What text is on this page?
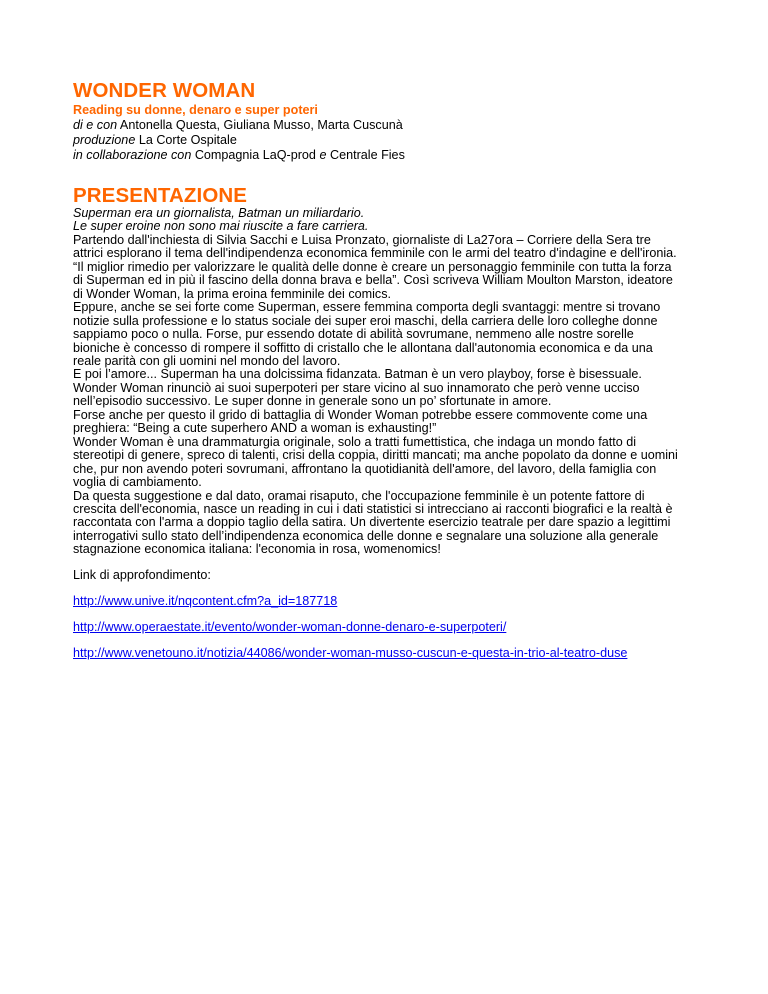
WONDER WOMAN
Reading su donne, denaro e super poteri
di e con Antonella Questa, Giuliana Musso, Marta Cuscunà
produzione La Corte Ospitale
in collaborazione con Compagnia LaQ-prod e Centrale Fies
PRESENTAZIONE
Superman era un giornalista, Batman un miliardario.
Le super eroine non sono mai riuscite a fare carriera.
Partendo dall'inchiesta di Silvia Sacchi e Luisa Pronzato, giornaliste di La27ora – Corriere della Sera tre
attrici esplorano il tema dell'indipendenza economica femminile con le armi del teatro d'indagine e dell'ironia.
“Il miglior rimedio per valorizzare le qualità delle donne è creare un personaggio femminile con tutta la forza
di Superman ed in più il fascino della donna brava e bella”. Così scriveva William Moulton Marston, ideatore
di Wonder Woman, la prima eroina femminile dei comics.
Eppure, anche se sei forte come Superman, essere femmina comporta degli svantaggi: mentre si trovano
notizie sulla professione e lo status sociale dei super eroi maschi, della carriera delle loro colleghe donne
sappiamo poco o nulla. Forse, pur essendo dotate di abilità sovrumane, nemmeno alle nostre sorelle
bioniche è concesso di rompere il soffitto di cristallo che le allontana dall'autonomia economica e da una
reale parità con gli uomini nel mondo del lavoro.
E poi l’amore... Superman ha una dolcissima fidanzata. Batman è un vero playboy, forse è bisessuale.
Wonder Woman rinunciò ai suoi superpoteri per stare vicino al suo innamorato che però venne ucciso
nell’episodio successivo. Le super donne in generale sono un po’ sfortunate in amore.
Forse anche per questo il grido di battaglia di Wonder Woman potrebbe essere commovente come una
preghiera: “Being a cute superhero AND a woman is exhausting!”
Wonder Woman è una drammaturgia originale, solo a tratti fumettistica, che indaga un mondo fatto di
stereotipi di genere, spreco di talenti, crisi della coppia, diritti mancati; ma anche popolato da donne e uomini
che, pur non avendo poteri sovrumani, affrontano la quotidianità dell'amore, del lavoro, della famiglia con
voglia di cambiamento.
Da questa suggestione e dal dato, oramai risaputo, che l'occupazione femminile è un potente fattore di
crescita dell'economia, nasce un reading in cui i dati statistici si intrecciano ai racconti biografici e la realtà è
raccontata con l'arma a doppio taglio della satira. Un divertente esercizio teatrale per dare spazio a legittimi
interrogativi sullo stato dell’indipendenza economica delle donne e segnalare una soluzione alla generale
stagnazione economica italiana: l'economia in rosa, womenomics!
Link di approfondimento:
http://www.unive.it/nqcontent.cfm?a_id=187718
http://www.operaestate.it/evento/wonder-woman-donne-denaro-e-superpoteri/
http://www.venetouno.it/notizia/44086/wonder-woman-musso-cuscun-e-questa-in-trio-al-teatro-duse
